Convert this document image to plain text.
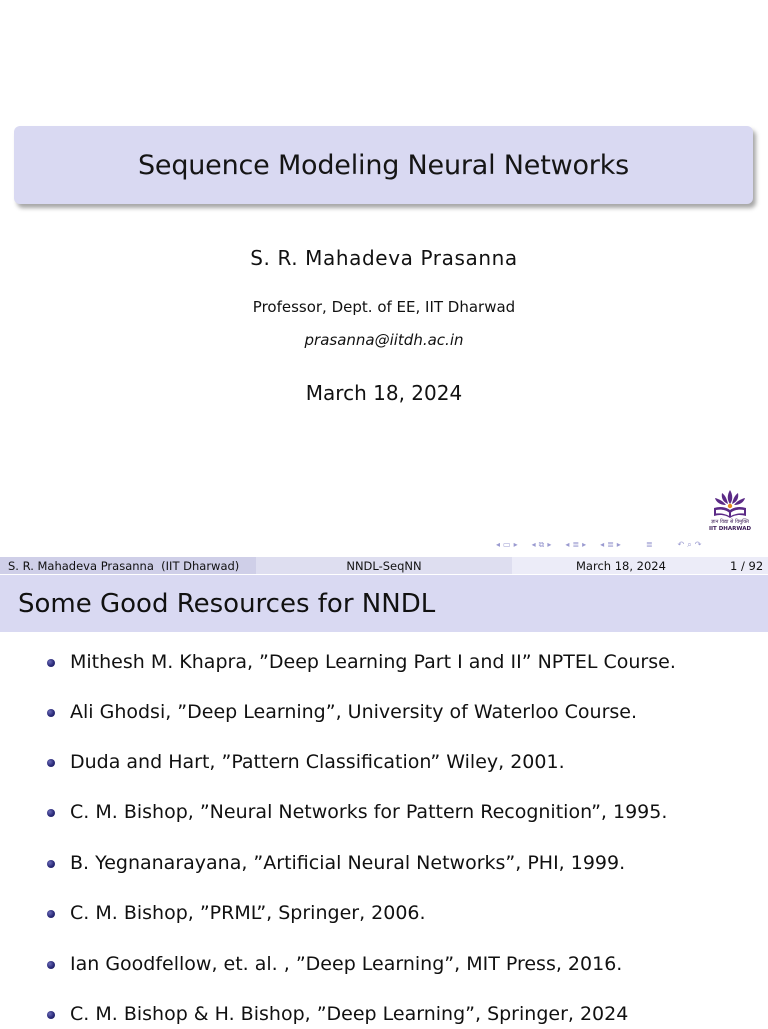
Sequence Modeling Neural Networks
S. R. Mahadeva Prasanna
Professor, Dept. of EE, IIT Dharwad
prasanna@iitdh.ac.in
March 18, 2024
ज्ञान विद्या से विमुक्ति
IIT DHARWAD
◂ ▭ ▸ ◂ ⧉ ▸ ◂ ≣ ▸ ◂ ≣ ▸	≣	↶ ⌕ ↷
S. R. Mahadeva Prasanna  (IIT Dharwad)	NNDL-SeqNN	March 18, 2024	1 / 92
Some Good Resources for NNDL
Mithesh M. Khapra, ”Deep Learning Part I and II” NPTEL Course.
Ali Ghodsi, ”Deep Learning”, University of Waterloo Course.
Duda and Hart, ”Pattern Classification” Wiley, 2001.
C. M. Bishop, ”Neural Networks for Pattern Recognition”, 1995.
B. Yegnanarayana, ”Artificial Neural Networks”, PHI, 1999.
C. M. Bishop, ”PRML”, Springer, 2006.
Ian Goodfellow, et. al. , ”Deep Learning”, MIT Press, 2016.
C. M. Bishop & H. Bishop, ”Deep Learning”, Springer, 2024
